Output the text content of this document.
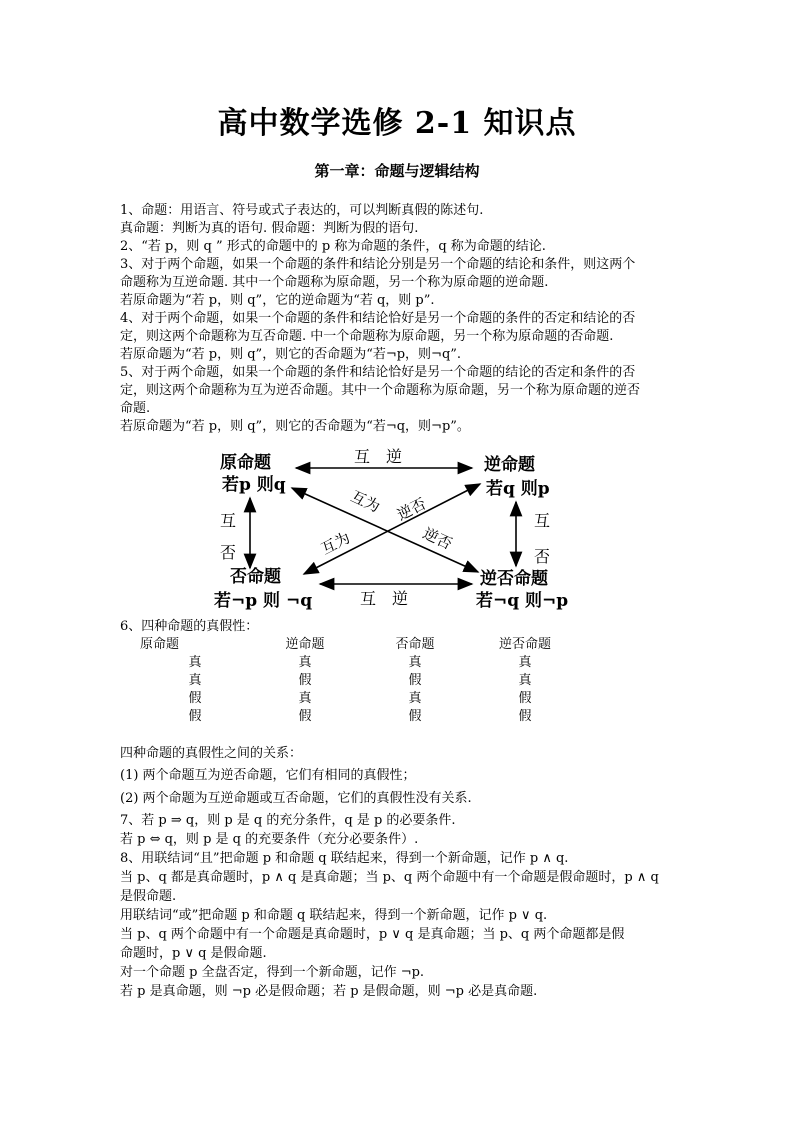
高中数学选修 2-1 知识点
第一章：命题与逻辑结构

1、命题：用语言、符号或式子表达的，可以判断真假的陈述句.

真命题：判断为真的语句. 假命题：判断为假的语句.

2、“若 p，则 q ” 形式的命题中的 p 称为命题的条件，q 称为命题的结论.

3、对于两个命题，如果一个命题的条件和结论分别是另一个命题的结论和条件，则这两个

命题称为互逆命题. 其中一个命题称为原命题，另一个称为原命题的逆命题.

若原命题为“若 p，则 q”，它的逆命题为“若 q，则 p”.

4、对于两个命题，如果一个命题的条件和结论恰好是另一个命题的条件的否定和结论的否

定，则这两个命题称为互否命题. 中一个命题称为原命题，另一个称为原命题的否命题.

若原命题为“若 p，则 q”，则它的否命题为“若¬p，则¬q”.

5、对于两个命题，如果一个命题的条件和结论恰好是另一个命题的结论的否定和条件的否

定，则这两个命题称为互为逆否命题。其中一个命题称为原命题，另一个称为原命题的逆否

命题.

若原命题为“若 p，则 q”，则它的否命题为“若¬q，则¬p”。

原命题
若p 则q
逆命题
若q 则p
否命题
若¬p 则 ¬q
逆否命题
若¬q 则¬p
互　逆
互　逆
互
否
互
否
互为 逆否
互为	逆否

6、四种命题的真假性：

原命题	逆命题	否命题	逆否命题
真	真	真	真
真	假	假	真
假	真	真	假
假	假	假	假

四种命题的真假性之间的关系：

(1) 两个命题互为逆否命题，它们有相同的真假性；

(2) 两个命题为互逆命题或互否命题，它们的真假性没有关系.

7、若 p ⇒ q，则 p 是 q 的充分条件，q 是 p 的必要条件.

若 p ⇔ q，则 p 是 q 的充要条件（充分必要条件）.

8、用联结词“且”把命题 p 和命题 q 联结起来，得到一个新命题，记作 p ∧ q.

当 p、q 都是真命题时，p ∧ q 是真命题；当 p、q 两个命题中有一个命题是假命题时，p ∧ q

是假命题.

用联结词“或”把命题 p 和命题 q 联结起来，得到一个新命题，记作 p ∨ q.

当 p、q 两个命题中有一个命题是真命题时，p ∨ q 是真命题；当 p、q 两个命题都是假

命题时，p ∨ q 是假命题.

对一个命题 p 全盘否定，得到一个新命题，记作 ¬p.

若 p 是真命题，则 ¬p 必是假命题；若 p 是假命题，则 ¬p 必是真命题.
